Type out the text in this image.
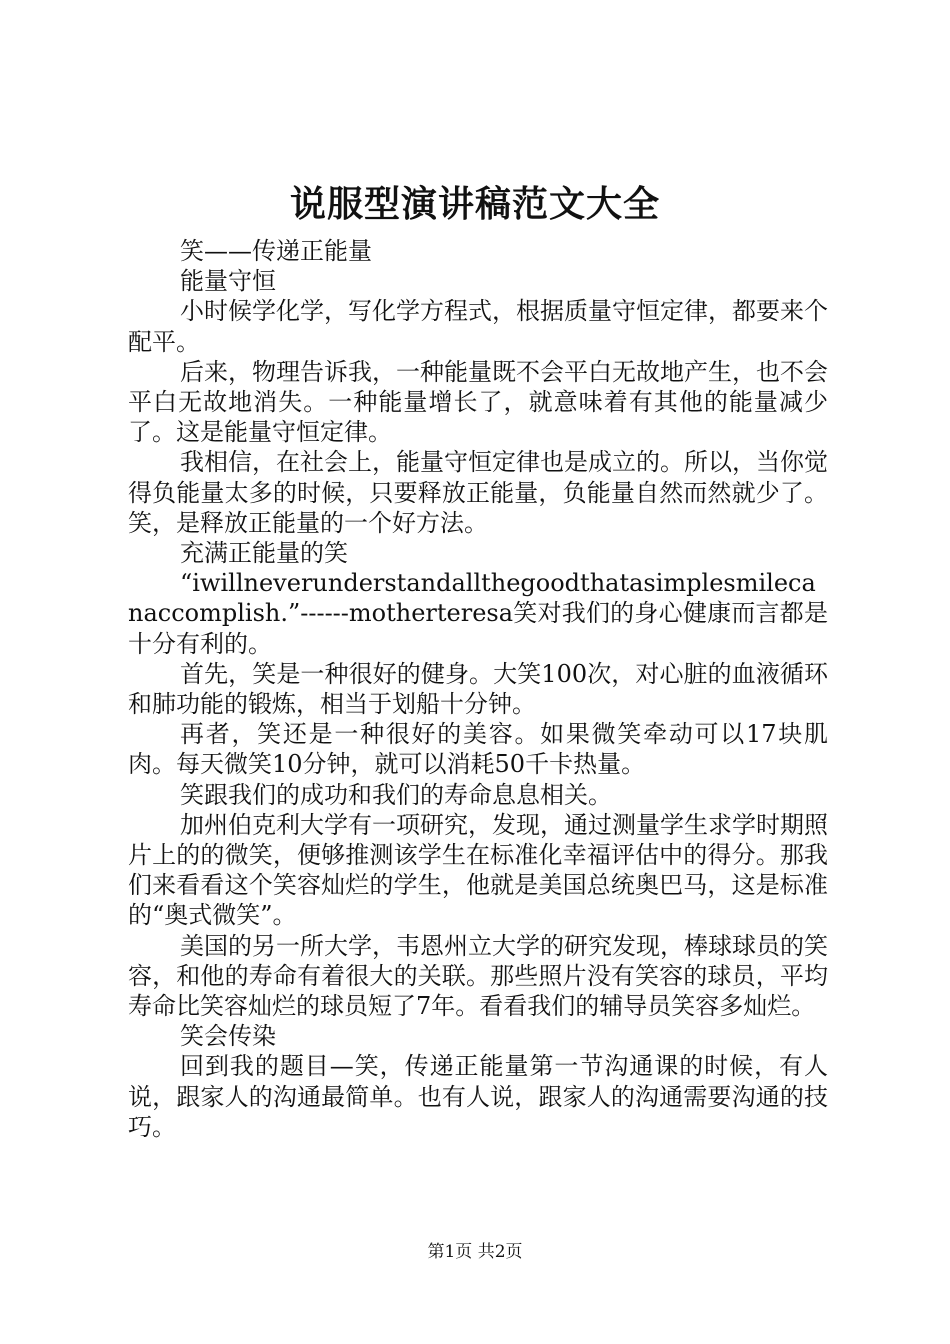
说服型演讲稿范文大全

笑——传递正能量

能量守恒

小时候学化学，写化学方程式，根据质量守恒定律，都要来个配平。

后来，物理告诉我，一种能量既不会平白无故地产生，也不会平白无故地消失。一种能量增长了，就意味着有其他的能量减少了。这是能量守恒定律。

我相信，在社会上，能量守恒定律也是成立的。所以，当你觉得负能量太多的时候，只要释放正能量，负能量自然而然就少了。笑，是释放正能量的一个好方法。

充满正能量的笑

“iwillneverunderstandallthegoodthatasimplesmilecanaccomplish.”------motherteresa笑对我们的身心健康而言都是十分有利的。

首先，笑是一种很好的健身。大笑100次，对心脏的血液循环和肺功能的锻炼，相当于划船十分钟。

再者，笑还是一种很好的美容。如果微笑牵动可以17块肌肉。每天微笑10分钟，就可以消耗50千卡热量。

笑跟我们的成功和我们的寿命息息相关。

加州伯克利大学有一项研究，发现，通过测量学生求学时期照片上的的微笑，便够推测该学生在标准化幸福评估中的得分。那我们来看看这个笑容灿烂的学生，他就是美国总统奥巴马，这是标准的“奥式微笑”。

美国的另一所大学，韦恩州立大学的研究发现，棒球球员的笑容，和他的寿命有着很大的关联。那些照片没有笑容的球员，平均寿命比笑容灿烂的球员短了7年。看看我们的辅导员笑容多灿烂。

笑会传染

回到我的题目—笑，传递正能量第一节沟通课的时候，有人说，跟家人的沟通最简单。也有人说，跟家人的沟通需要沟通的技巧。

第1页 共2页
